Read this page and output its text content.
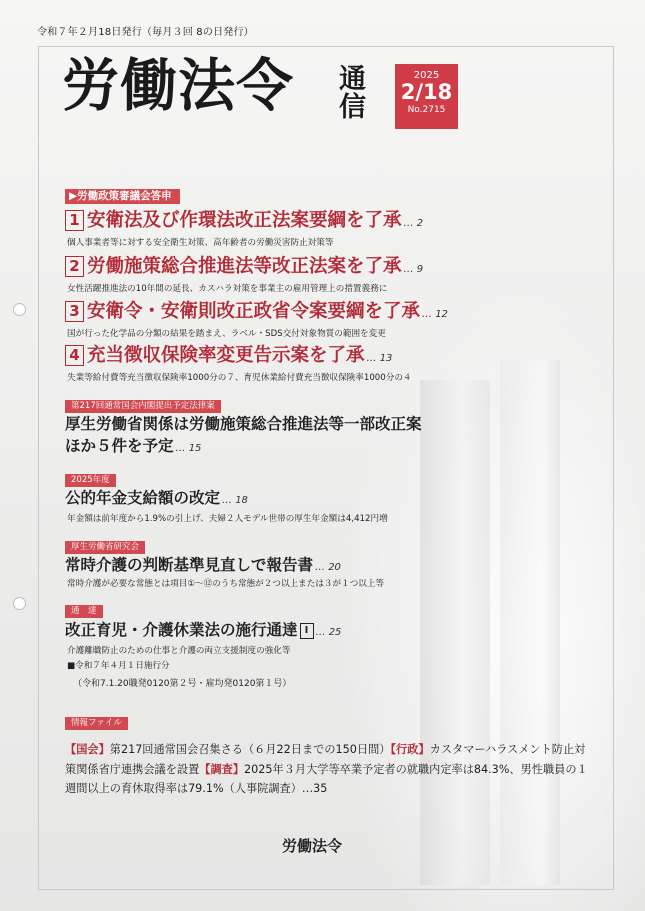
令和７年２月18日発行（毎月３回 8の日発行）
労働法令 通信
2025
2/18
No.2715
▶労働政策審議会答申
1 安衛法及び作環法改正法案要綱を了承 … 2
個人事業者等に対する安全衛生対策、高年齢者の労働災害防止対策等
2 労働施策総合推進法等改正法案を了承 … 9
女性活躍推進法の10年間の延長、カスハラ対策を事業主の雇用管理上の措置義務に
3 安衛令・安衛則改正政省令案要綱を了承 … 12
国が行った化学品の分類の結果を踏まえ、ラベル・SDS交付対象物質の範囲を変更
4 充当徴収保険率変更告示案を了承 … 13
失業等給付費等充当徴収保険率1000分の７、育児休業給付費充当徴収保険率1000分の４
第217回通常国会内閣提出予定法律案
厚生労働省関係は労働施策総合推進法等一部改正案
ほか５件を予定 … 15
2025年度
公的年金支給額の改定 … 18
年金額は前年度から1.9%の引上げ、夫婦２人モデル世帯の厚生年金額は4,412円増
厚生労働省研究会
常時介護の判断基準見直しで報告書 … 20
常時介護が必要な常態とは項目①～⑫のうち常態が２つ以上または３が１つ以上等
通　達
改正育児・介護休業法の施行通達 Ⅰ … 25
介護離職防止のための仕事と介護の両立支援制度の強化等
■令和７年４月１日施行分
（令和7.1.20職発0120第２号・雇均発0120第１号）
情報ファイル
【国会】第217回通常国会召集さる（６月22日までの150日間）【行政】カスタマーハラスメント防止対策関係省庁連携会議を設置【調査】2025年３月大学等卒業予定者の就職内定率は84.3%、男性職員の１週間以上の育休取得率は79.1%（人事院調査）…35
労働法令
